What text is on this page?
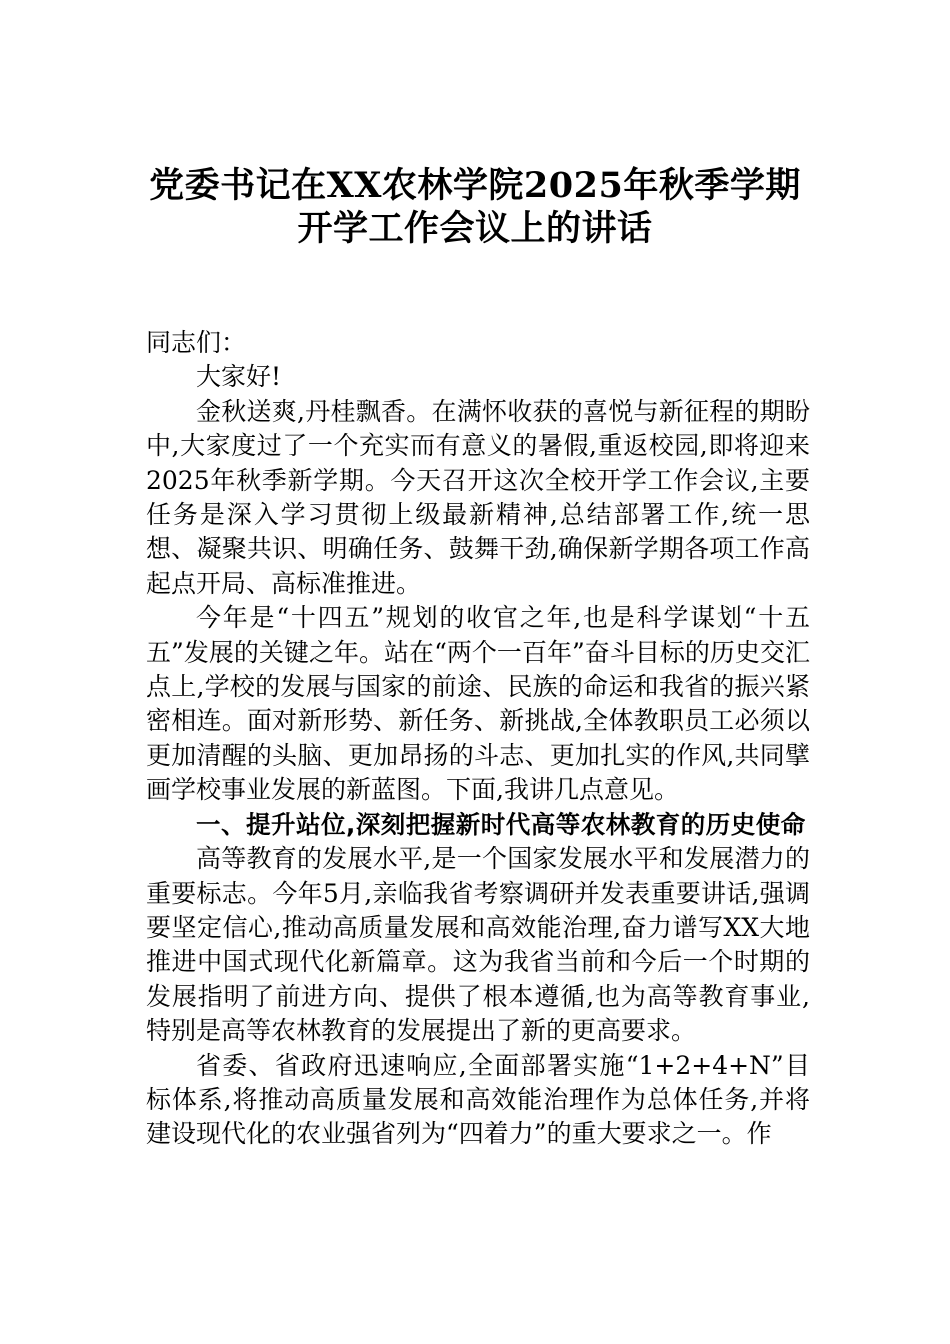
党委书记在XX农林学院2025年秋季学期
开学工作会议上的讲话

同志们：

大家好!

金秋送爽,丹桂飘香。在满怀收获的喜悦与新征程的期盼中,大家度过了一个充实而有意义的暑假,重返校园,即将迎来2025年秋季新学期。今天召开这次全校开学工作会议,主要任务是深入学习贯彻上级最新精神,总结部署工作,统一思想、凝聚共识、明确任务、鼓舞干劲,确保新学期各项工作高起点开局、高标准推进。

今年是“十四五”规划的收官之年,也是科学谋划“十五五”发展的关键之年。站在“两个一百年”奋斗目标的历史交汇点上,学校的发展与国家的前途、民族的命运和我省的振兴紧密相连。面对新形势、新任务、新挑战,全体教职员工必须以更加清醒的头脑、更加昂扬的斗志、更加扎实的作风,共同擘画学校事业发展的新蓝图。下面,我讲几点意见。

一、提升站位,深刻把握新时代高等农林教育的历史使命

高等教育的发展水平,是一个国家发展水平和发展潜力的重要标志。今年5月,亲临我省考察调研并发表重要讲话,强调要坚定信心,推动高质量发展和高效能治理,奋力谱写XX大地推进中国式现代化新篇章。这为我省当前和今后一个时期的发展指明了前进方向、提供了根本遵循,也为高等教育事业,特别是高等农林教育的发展提出了新的更高要求。

省委、省政府迅速响应,全面部署实施“1+2+4+N”目标体系,将推动高质量发展和高效能治理作为总体任务,并将建设现代化的农业强省列为“四着力”的重大要求之一。作
